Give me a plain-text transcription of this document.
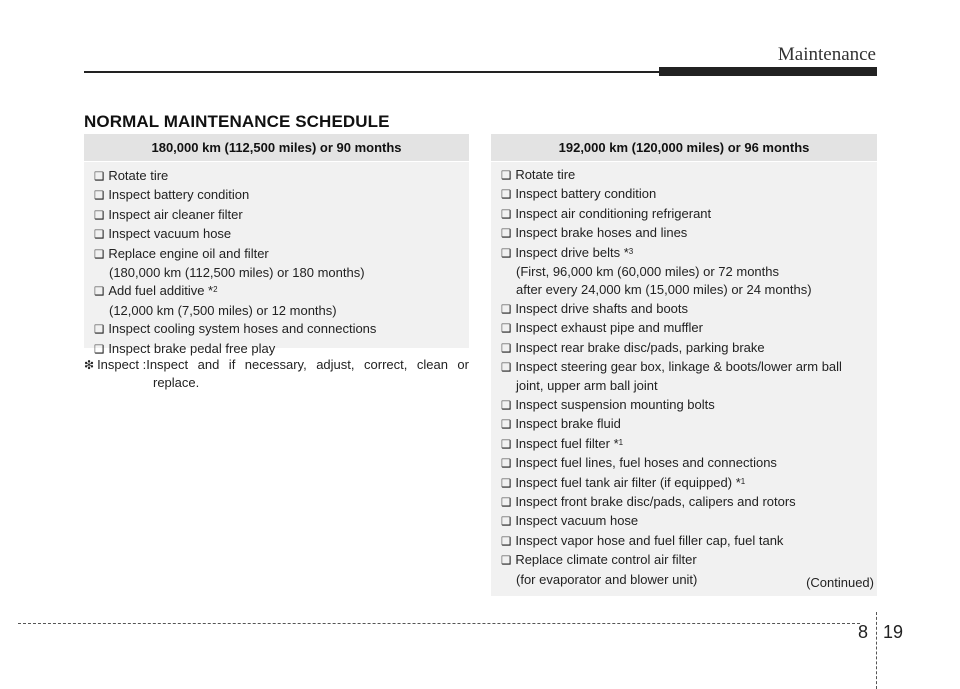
Maintenance
NORMAL MAINTENANCE SCHEDULE
180,000 km (112,500 miles) or 90 months
❑ Rotate tire
❑ Inspect battery condition
❑ Inspect air cleaner filter
❑ Inspect vacuum hose
❑ Replace engine oil and filter
(180,000 km (112,500 miles) or 180 months)
❑ Add fuel additive *$^2$
(12,000 km (7,500 miles) or 12 months)
❑ Inspect cooling system hoses and connections
❑ Inspect brake pedal free play
❇ Inspect : Inspect and if necessary, adjust, correct, clean or
replace.
192,000 km (120,000 miles) or 96 months
❑ Rotate tire
❑ Inspect battery condition
❑ Inspect air conditioning refrigerant
❑ Inspect brake hoses and lines
❑ Inspect drive belts *$^3$
(First, 96,000 km (60,000 miles) or 72 months
after every 24,000 km (15,000 miles) or 24 months)
❑ Inspect drive shafts and boots
❑ Inspect exhaust pipe and muffler
❑ Inspect rear brake disc/pads, parking brake
❑ Inspect steering gear box, linkage & boots/lower arm ball
joint, upper arm ball joint
❑ Inspect suspension mounting bolts
❑ Inspect brake fluid
❑ Inspect fuel filter *$^1$
❑ Inspect fuel lines, fuel hoses and connections
❑ Inspect fuel tank air filter (if equipped) *$^1$
❑ Inspect front brake disc/pads, calipers and rotors
❑ Inspect vacuum hose
❑ Inspect vapor hose and fuel filler cap, fuel tank
❑ Replace climate control air filter
(for evaporator and blower unit)	(Continued)
8 19
